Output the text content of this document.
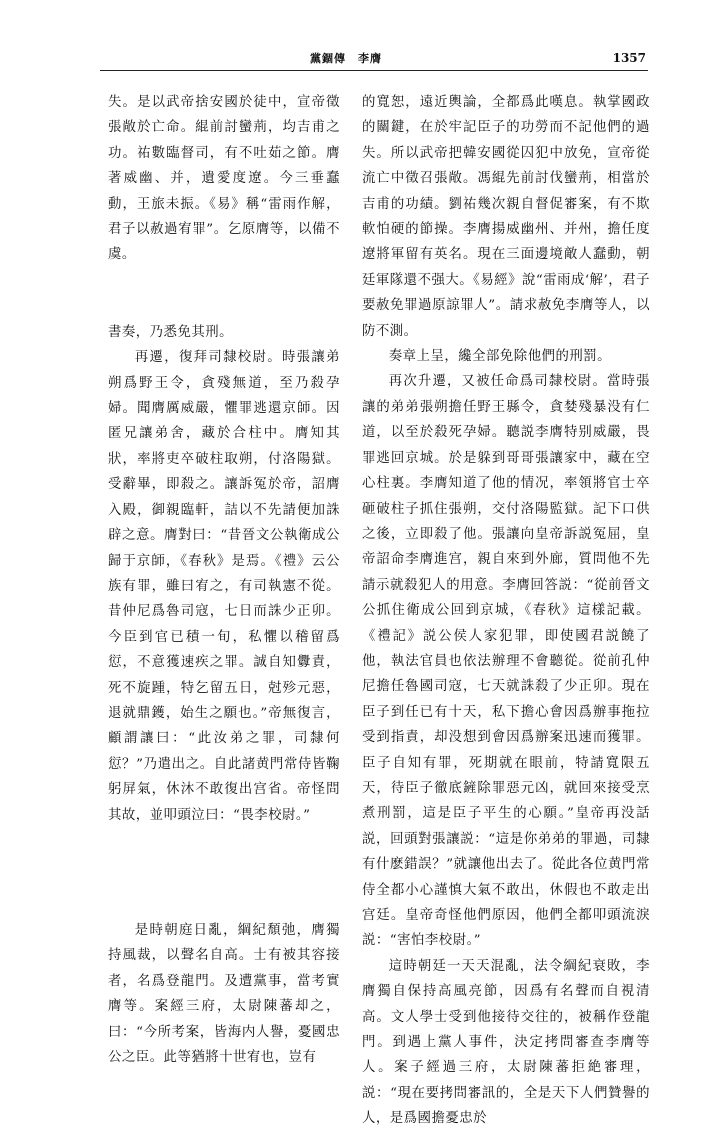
黨錮傳　李膺	1357

失。是以武帝捨安國於徒中，宣帝徵張敞於亡命。緄前討蠻荊，均吉甫之功。祐數臨督司，有不吐茹之節。膺著威幽、并，遺愛度遼。今三垂蠢動，王旅未振。《易》稱“雷雨作解，君子以赦過宥罪”。乞原膺等，以備不虞。

書奏，乃悉免其刑。

再遷，復拜司隸校尉。時張讓弟朔爲野王令，貪殘無道，至乃殺孕婦。聞膺厲威嚴，懼罪逃還京師。因匿兄讓弟舍，藏於合柱中。膺知其狀，率將吏卒破柱取朔，付洛陽獄。受辭畢，即殺之。讓訴冤於帝，詔膺入殿，御親臨軒，詰以不先請便加誅辟之意。膺對曰：“昔晉文公執衛成公歸于京師，《春秋》是焉。《禮》云公族有罪，雖曰宥之，有司執憲不從。昔仲尼爲魯司寇，七日而誅少正卯。今臣到官已積一旬，私懼以稽留爲愆，不意獲速疾之罪。誠自知釁責，死不旋踵，特乞留五日，尅殄元惡，退就鼎鑊，始生之願也。”帝無復言，顧謂讓曰：“此汝弟之罪，司隸何愆？”乃遣出之。自此諸黄門常侍皆鞠躬屏氣，休沐不敢復出宫省。帝怪問其故，並叩頭泣曰：“畏李校尉。”

是時朝庭日亂，綱紀頹弛，膺獨持風裁，以聲名自高。士有被其容接者，名爲登龍門。及遭黨事，當考實膺等。案經三府，太尉陳蕃却之，曰：“今所考案，皆海内人譽，憂國忠公之臣。此等猶將十世宥也，豈有

的寬恕，遠近輿論，全都爲此嘆息。執掌國政的關鍵，在於牢記臣子的功勞而不記他們的過失。所以武帝把韓安國從囚犯中放免，宣帝從流亡中徵召張敞。馮緄先前討伐蠻荊，相當於吉甫的功績。劉祐幾次親自督促審案，有不欺軟怕硬的節操。李膺揚威幽州、并州，擔任度遼將軍留有英名。現在三面邊境敵人蠢動，朝廷軍隊還不强大。《易經》說“雷雨成‘解’，君子要赦免罪過原諒罪人”。請求赦免李膺等人，以防不測。

奏章上呈，纔全部免除他們的刑罰。

再次升遷，又被任命爲司隸校尉。當時張讓的弟弟張朔擔任野王縣令，貪婪殘暴没有仁道，以至於殺死孕婦。聽説李膺特别威嚴，畏罪逃回京城。於是躲到哥哥張讓家中，藏在空心柱裏。李膺知道了他的情况，率領將官士卒砸破柱子抓住張朔，交付洛陽監獄。記下口供之後，立即殺了他。張讓向皇帝訴説冤屈，皇帝詔命李膺進宫，親自來到外廊，質問他不先請示就殺犯人的用意。李膺回答説：“從前晉文公抓住衛成公回到京城，《春秋》這樣記載。《禮記》説公侯人家犯罪，即使國君説饒了他，執法官員也依法辦理不會聽從。從前孔仲尼擔任魯國司寇，七天就誅殺了少正卯。現在臣子到任已有十天，私下擔心會因爲辦事拖拉受到指責，却没想到會因爲辦案迅速而獲罪。臣子自知有罪，死期就在眼前，特請寬限五天，待臣子徹底鏟除罪惡元凶，就回來接受烹煮刑罰，這是臣子平生的心願。”皇帝再没話説，回頭對張讓説：“這是你弟弟的罪過，司隸有什麽錯誤？”就讓他出去了。從此各位黄門常侍全都小心謹慎大氣不敢出，休假也不敢走出宫廷。皇帝奇怪他們原因，他們全都叩頭流淚説：“害怕李校尉。”

這時朝廷一天天混亂，法令綱紀衰敗，李膺獨自保持高風亮節，因爲有名聲而自視清高。文人學士受到他接待交往的，被稱作登龍門。到遇上黨人事件，決定拷問審查李膺等人。案子經過三府，太尉陳蕃拒絶審理，説：“現在要拷問審訊的，全是天下人們贊譽的人，是爲國擔憂忠於
